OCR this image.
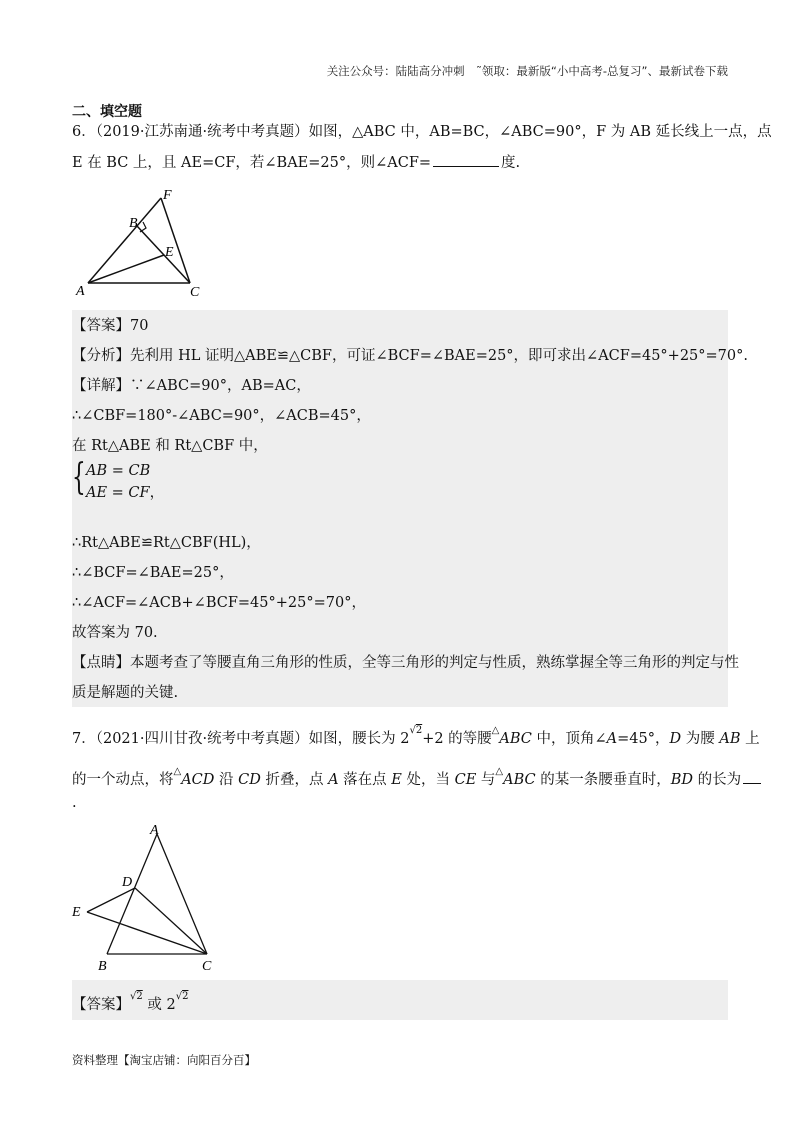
关注公众号：陆陆高分冲刺　˜领取：最新版“小中高考-总复习”、最新试卷下载
二、填空题
6．（2019·江苏南通·统考中考真题）如图，△ABC 中，AB=BC，∠ABC=90°，F 为 AB 延长线上一点，点
E 在 BC 上，且 AE=CF，若∠BAE=25°，则∠ACF=	度.
F
B
E
A	C
【答案】70
【分析】先利用 HL 证明△ABE≌△CBF，可证∠BCF=∠BAE=25°，即可求出∠ACF=45°+25°=70°.
【详解】∵∠ABC=90°，AB=AC，
∴∠CBF=180°-∠ABC=90°，∠ACB=45°，
在 Rt△ABE 和 Rt△CBF 中，
{ AB = CB
AE = CF，
∴Rt△ABE≌Rt△CBF(HL)，
∴∠BCF=∠BAE=25°，
∴∠ACF=∠ACB+∠BCF=45°+25°=70°，
故答案为 70.
【点睛】本题考查了等腰直角三角形的性质，全等三角形的判定与性质，熟练掌握全等三角形的判定与性
质是解题的关键.
7．（2021·四川甘孜·统考中考真题）如图，腰长为 $2^{√2}+2$ 的等腰△ABC 中，顶角∠A=45°，D 为腰 AB 上
的一个动点，将△ACD 沿 CD 折叠，点 A 落在点 E 处，当 CE 与△ABC 的某一条腰垂直时，BD 的长为
.
A
D
E
B	C
【答案】$^{√2}$ 或 $2^{√2}$
资料整理【淘宝店铺：向阳百分百】
